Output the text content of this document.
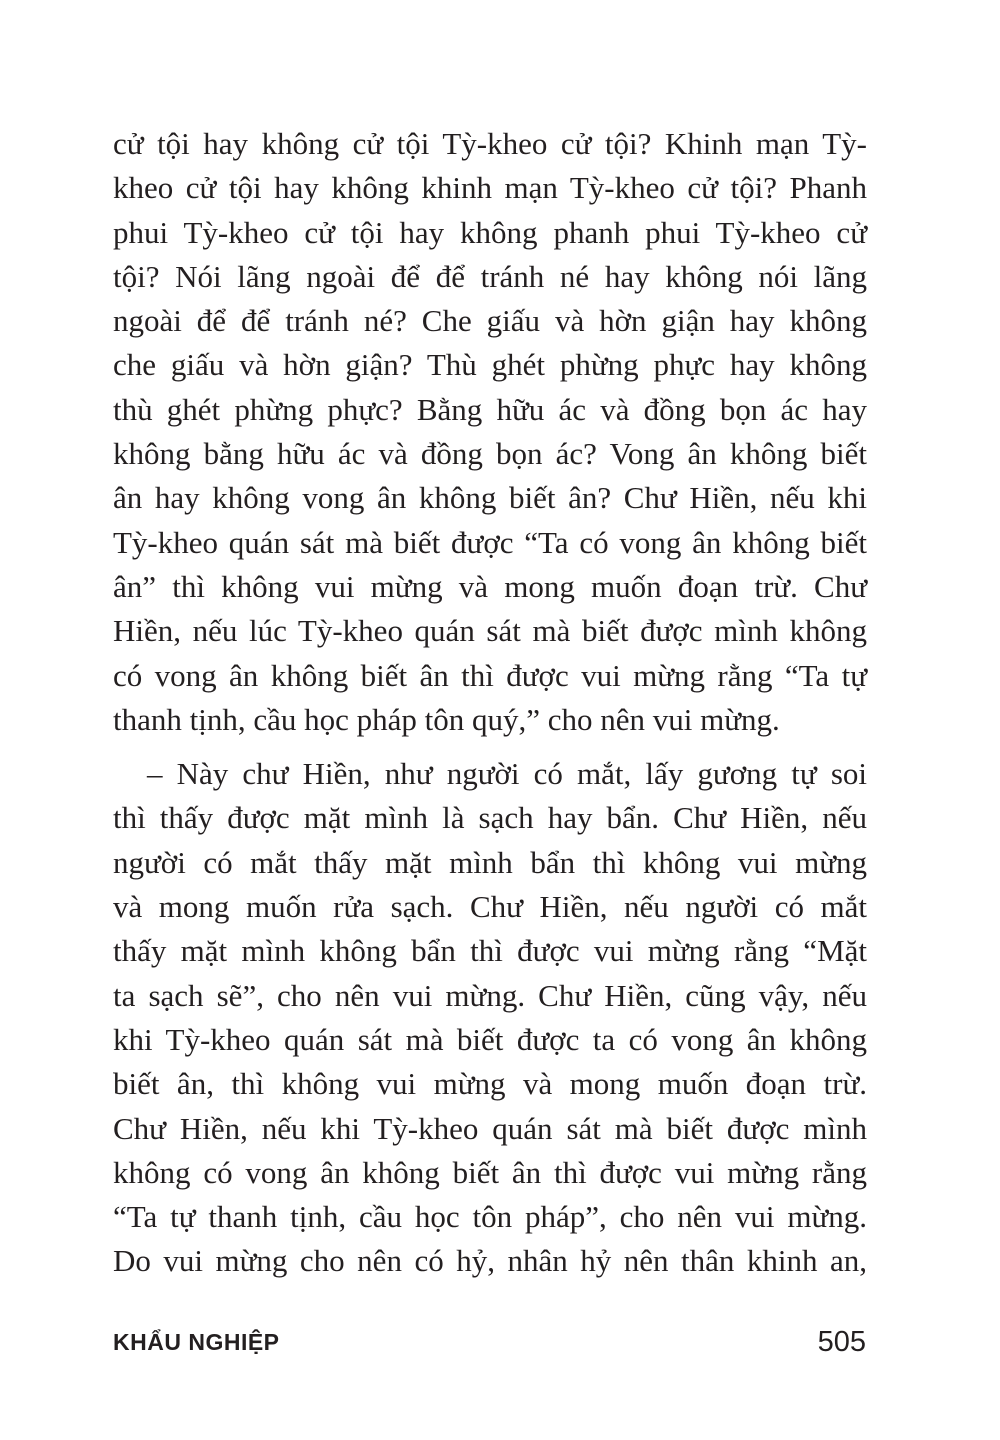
cử tội hay không cử tội Tỳ-kheo cử tội? Khinh mạn Tỳ-
kheo cử tội hay không khinh mạn Tỳ-kheo cử tội? Phanh
phui Tỳ-kheo cử tội hay không phanh phui Tỳ-kheo cử
tội? Nói lãng ngoài để để tránh né hay không nói lãng
ngoài để để tránh né? Che giấu và hờn giận hay không
che giấu và hờn giận? Thù ghét phừng phực hay không
thù ghét phừng phực? Bằng hữu ác và đồng bọn ác hay
không bằng hữu ác và đồng bọn ác? Vong ân không biết
ân hay không vong ân không biết ân? Chư Hiền, nếu khi
Tỳ-kheo quán sát mà biết được “Ta có vong ân không biết
ân” thì không vui mừng và mong muốn đoạn trừ. Chư
Hiền, nếu lúc Tỳ-kheo quán sát mà biết được mình không
có vong ân không biết ân thì được vui mừng rằng “Ta tự
thanh tịnh, cầu học pháp tôn quý,” cho nên vui mừng.
– Này chư Hiền, như người có mắt, lấy gương tự soi
thì thấy được mặt mình là sạch hay bẩn. Chư Hiền, nếu
người có mắt thấy mặt mình bẩn thì không vui mừng
và mong muốn rửa sạch. Chư Hiền, nếu người có mắt
thấy mặt mình không bẩn thì được vui mừng rằng “Mặt
ta sạch sẽ”, cho nên vui mừng. Chư Hiền, cũng vậy, nếu
khi Tỳ-kheo quán sát mà biết được ta có vong ân không
biết ân, thì không vui mừng và mong muốn đoạn trừ.
Chư Hiền, nếu khi Tỳ-kheo quán sát mà biết được mình
không có vong ân không biết ân thì được vui mừng rằng
“Ta tự thanh tịnh, cầu học tôn pháp”, cho nên vui mừng.
Do vui mừng cho nên có hỷ, nhân hỷ nên thân khinh an,
KHẨU NGHIỆP	505
